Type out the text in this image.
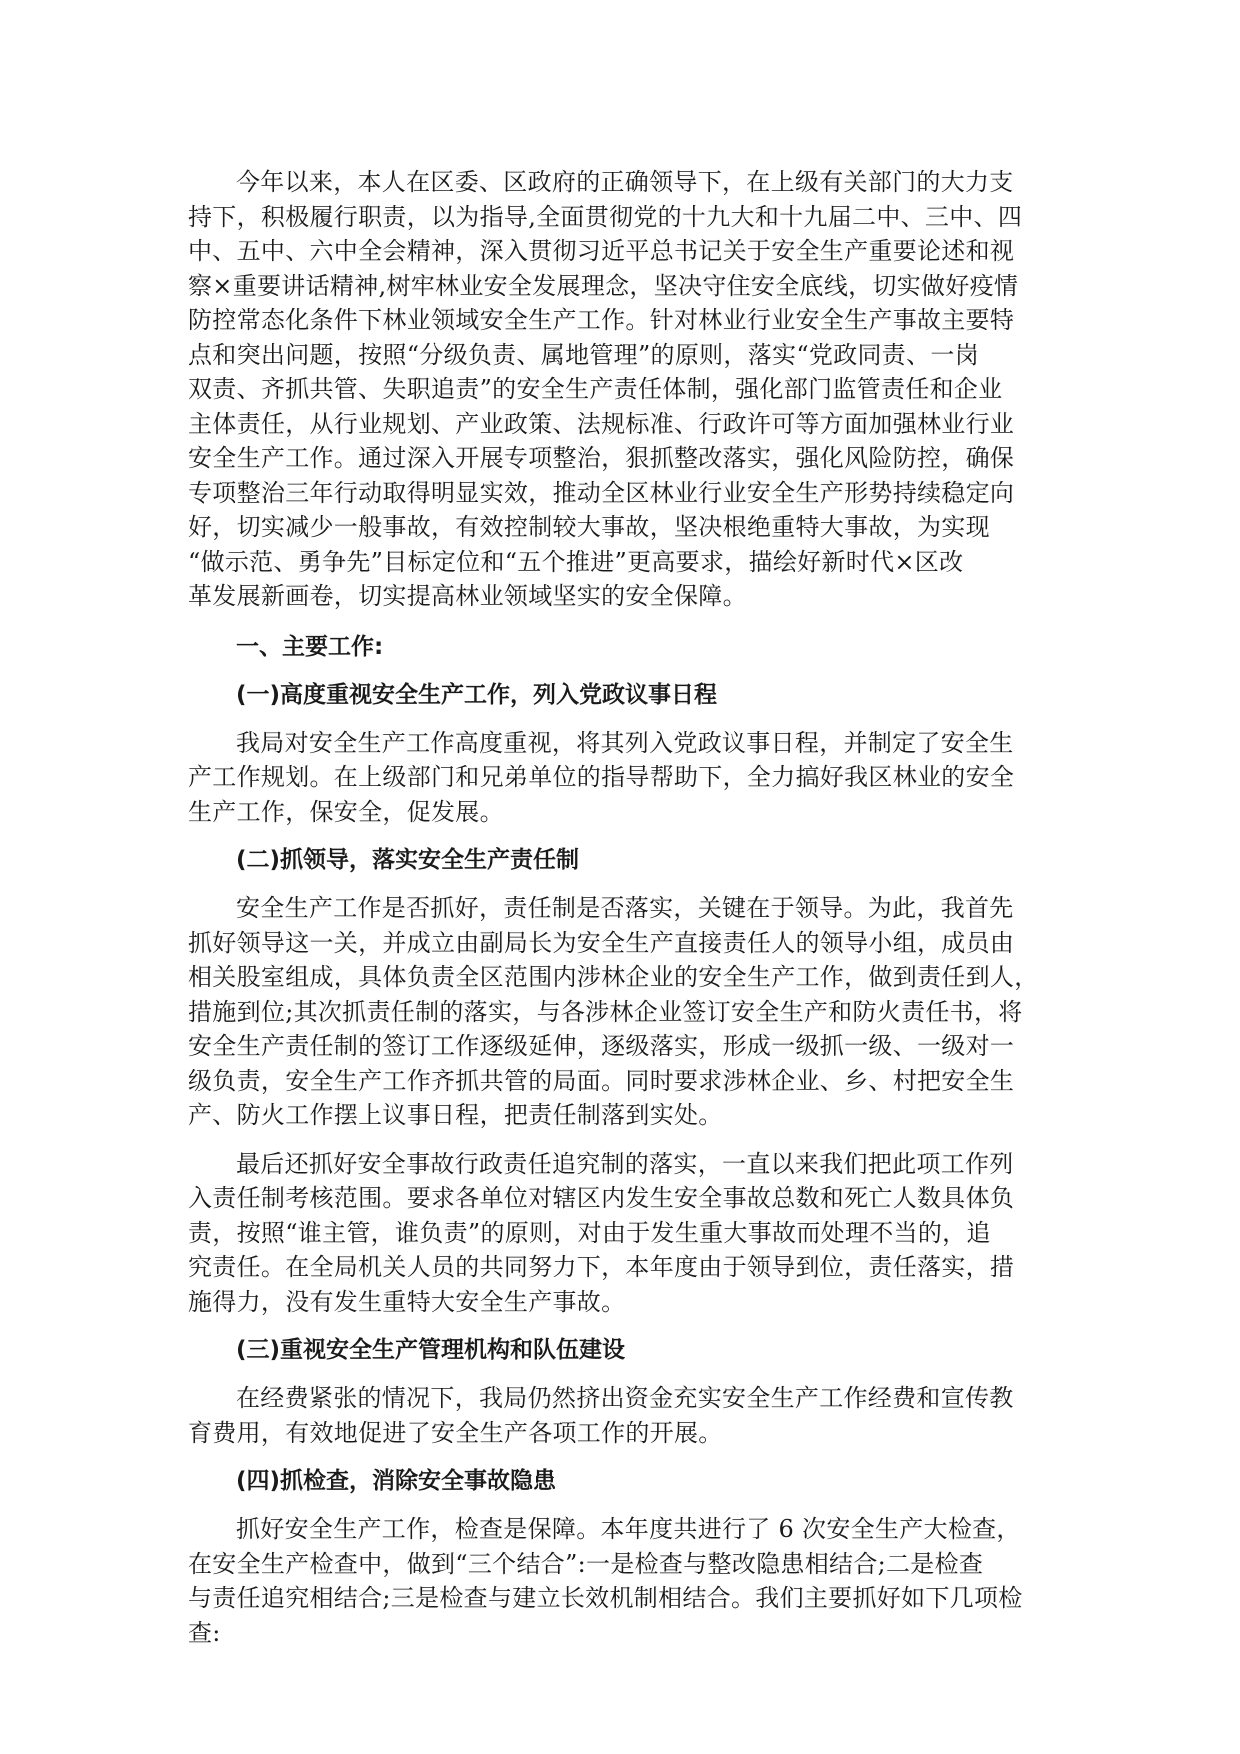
今年以来，本人在区委、区政府的正确领导下，在上级有关部门的大力支
持下，积极履行职责，以为指导,全面贯彻党的十九大和十九届二中、三中、四
中、五中、六中全会精神，深入贯彻习近平总书记关于安全生产重要论述和视
察×重要讲话精神,树牢林业安全发展理念，坚决守住安全底线，切实做好疫情
防控常态化条件下林业领域安全生产工作。针对林业行业安全生产事故主要特
点和突出问题，按照“分级负责、属地管理”的原则，落实“党政同责、一岗
双责、齐抓共管、失职追责”的安全生产责任体制，强化部门监管责任和企业
主体责任，从行业规划、产业政策、法规标准、行政许可等方面加强林业行业
安全生产工作。通过深入开展专项整治，狠抓整改落实，强化风险防控，确保
专项整治三年行动取得明显实效，推动全区林业行业安全生产形势持续稳定向
好，切实减少一般事故，有效控制较大事故，坚决根绝重特大事故，为实现
“做示范、勇争先”目标定位和“五个推进”更高要求，描绘好新时代×区改
革发展新画卷，切实提高林业领域坚实的安全保障。

一、主要工作:
(一)高度重视安全生产工作，列入党政议事日程

我局对安全生产工作高度重视，将其列入党政议事日程，并制定了安全生
产工作规划。在上级部门和兄弟单位的指导帮助下，全力搞好我区林业的安全
生产工作，保安全，促发展。

(二)抓领导，落实安全生产责任制

安全生产工作是否抓好，责任制是否落实，关键在于领导。为此，我首先
抓好领导这一关，并成立由副局长为安全生产直接责任人的领导小组，成员由
相关股室组成，具体负责全区范围内涉林企业的安全生产工作，做到责任到人，
措施到位;其次抓责任制的落实，与各涉林企业签订安全生产和防火责任书，将
安全生产责任制的签订工作逐级延伸，逐级落实，形成一级抓一级、一级对一
级负责，安全生产工作齐抓共管的局面。同时要求涉林企业、乡、村把安全生
产、防火工作摆上议事日程，把责任制落到实处。

最后还抓好安全事故行政责任追究制的落实，一直以来我们把此项工作列
入责任制考核范围。要求各单位对辖区内发生安全事故总数和死亡人数具体负
责，按照“谁主管，谁负责”的原则，对由于发生重大事故而处理不当的，追
究责任。在全局机关人员的共同努力下，本年度由于领导到位，责任落实，措
施得力，没有发生重特大安全生产事故。

(三)重视安全生产管理机构和队伍建设

在经费紧张的情况下，我局仍然挤出资金充实安全生产工作经费和宣传教
育费用，有效地促进了安全生产各项工作的开展。

(四)抓检查，消除安全事故隐患

抓好安全生产工作，检查是保障。本年度共进行了 6 次安全生产大检查，
在安全生产检查中，做到“三个结合”:一是检查与整改隐患相结合;二是检查
与责任追究相结合;三是检查与建立长效机制相结合。我们主要抓好如下几项检
查:
